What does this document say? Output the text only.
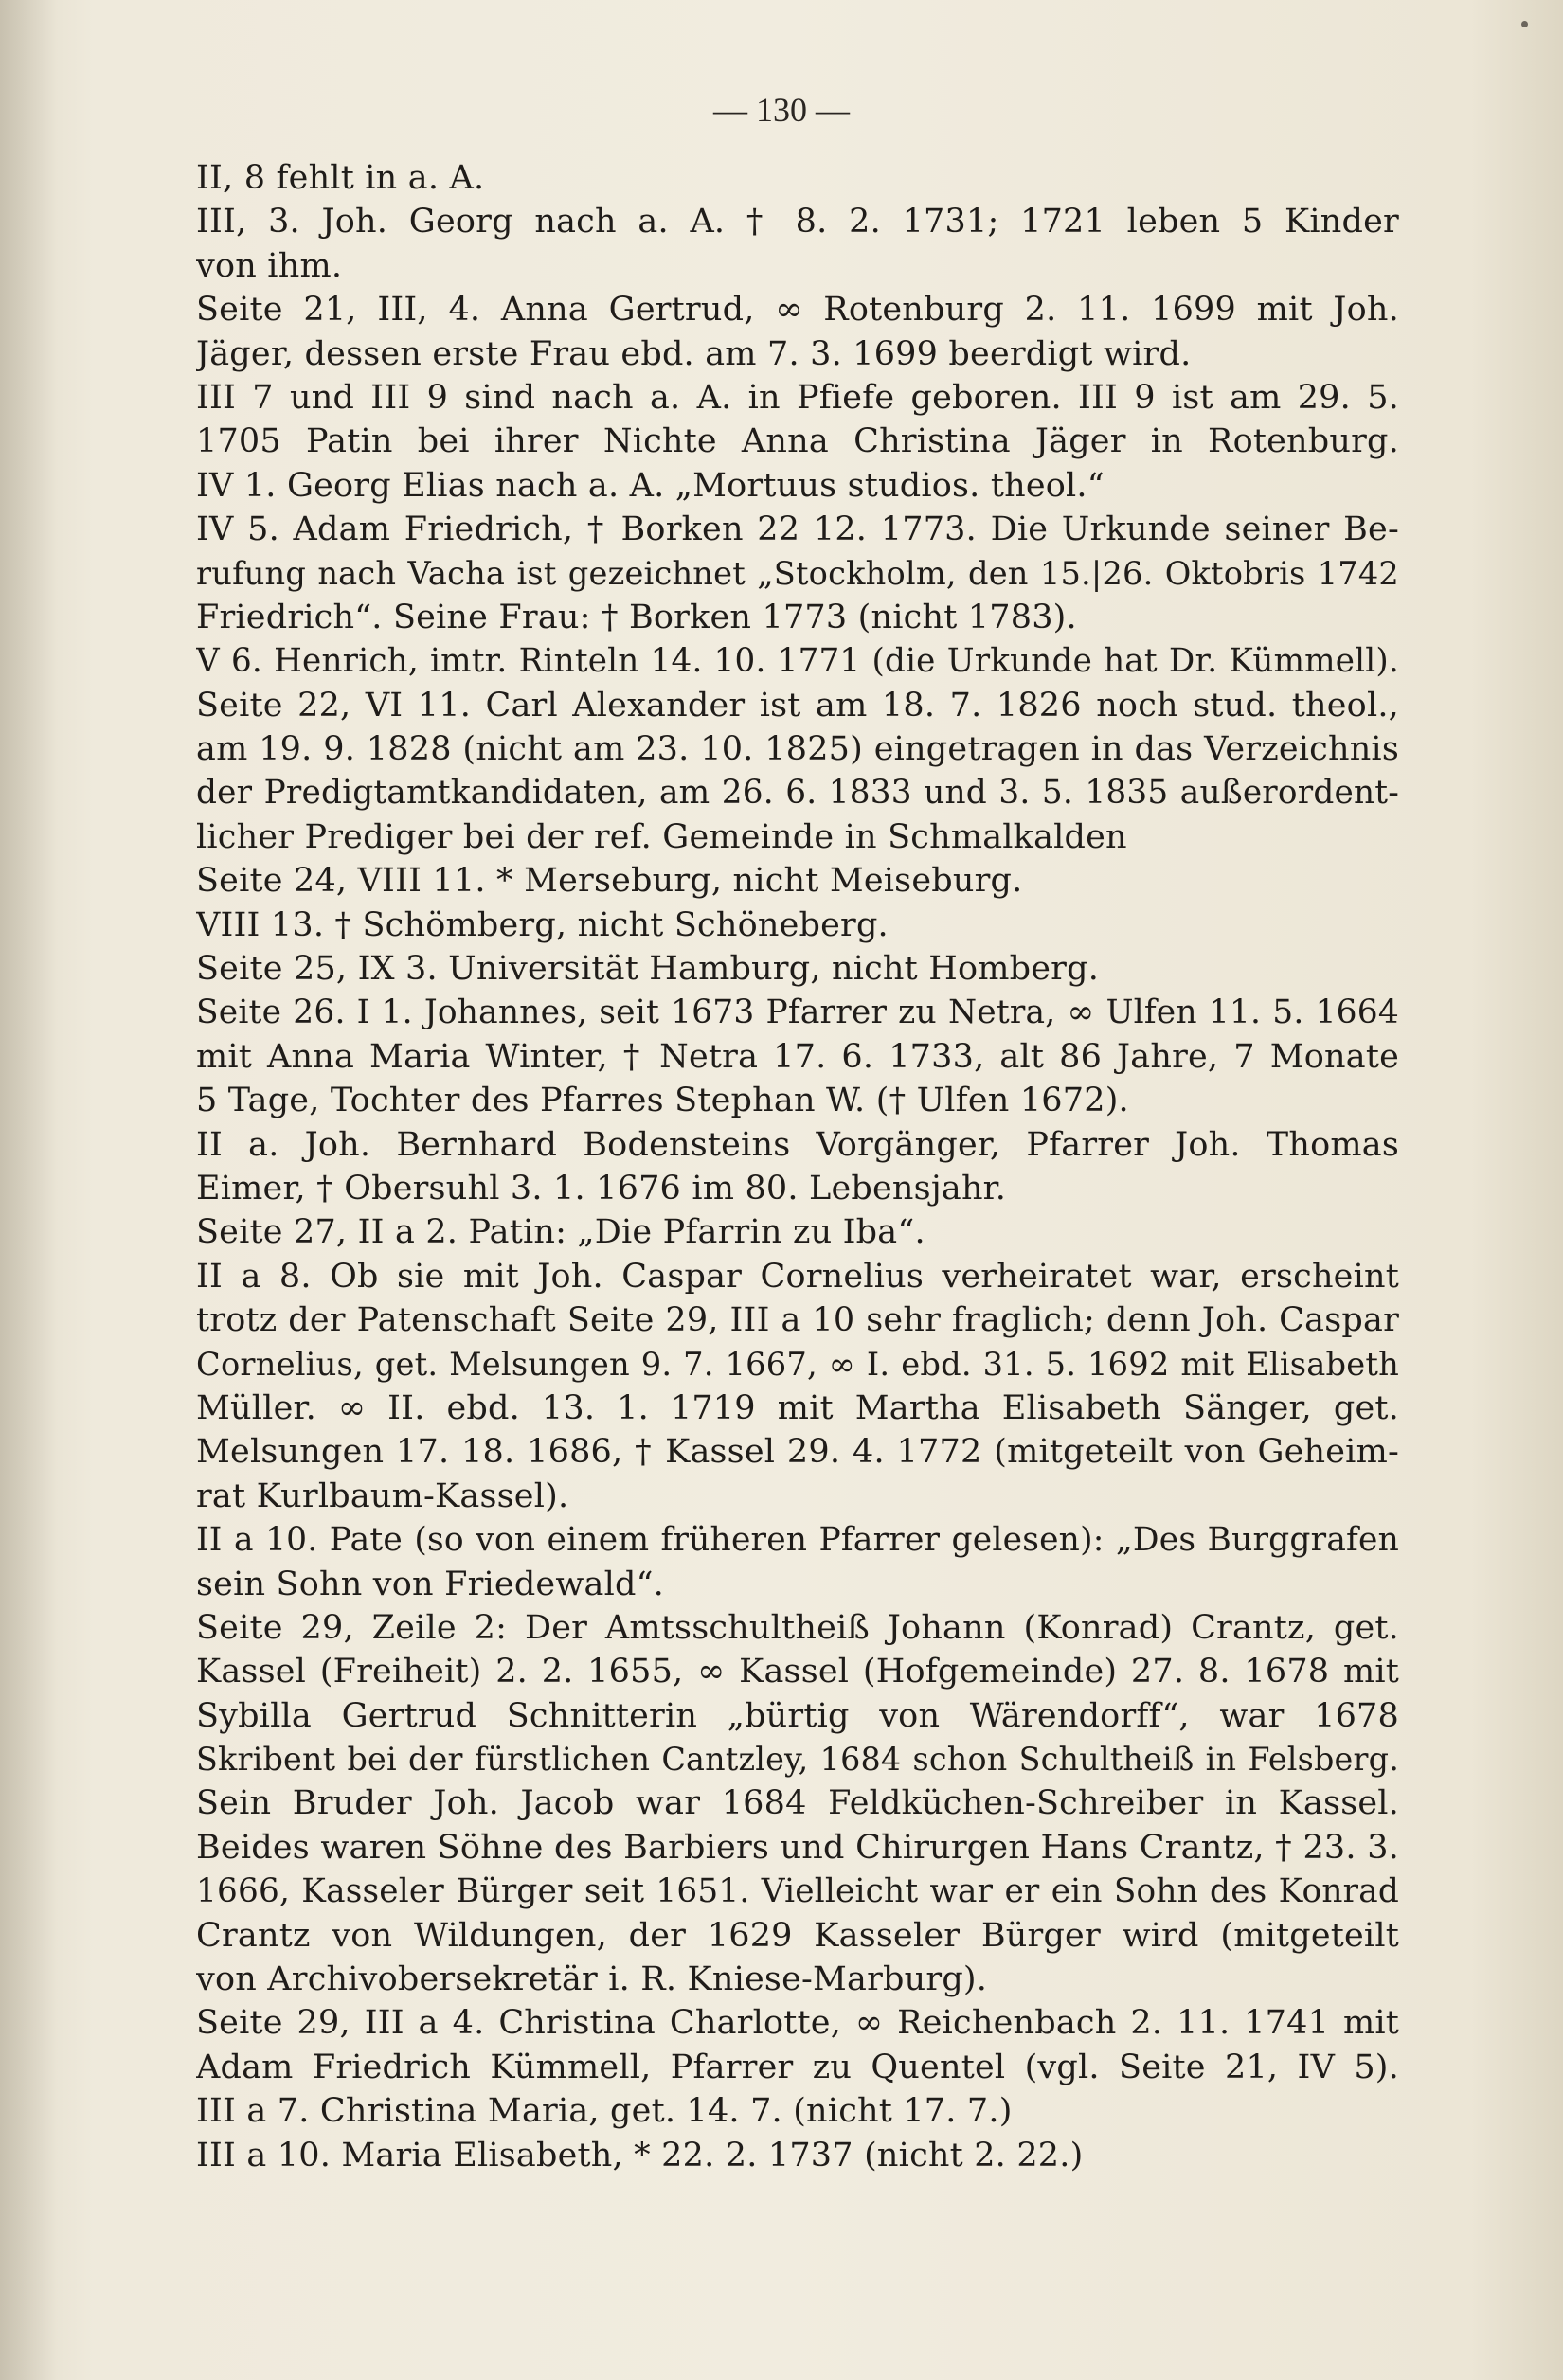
— 130 —
II, 8 fehlt in a. A.
III, 3. Joh. Georg nach a. A. † 8. 2. 1731; 1721 leben 5 Kinder
von ihm.
Seite 21, III, 4. Anna Gertrud, ∞ Rotenburg 2. 11. 1699 mit Joh.
Jäger, dessen erste Frau ebd. am 7. 3. 1699 beerdigt wird.
III 7 und III 9 sind nach a. A. in Pfiefe geboren. III 9 ist am 29. 5.
1705 Patin bei ihrer Nichte Anna Christina Jäger in Rotenburg.
IV 1. Georg Elias nach a. A. „Mortuus studios. theol.“
IV 5. Adam Friedrich, † Borken 22 12. 1773. Die Urkunde seiner Be-
rufung nach Vacha ist gezeichnet „Stockholm, den 15.|26. Oktobris 1742
Friedrich“. Seine Frau: † Borken 1773 (nicht 1783).
V 6. Henrich, imtr. Rinteln 14. 10. 1771 (die Urkunde hat Dr. Kümmell).
Seite 22, VI 11. Carl Alexander ist am 18. 7. 1826 noch stud. theol.,
am 19. 9. 1828 (nicht am 23. 10. 1825) eingetragen in das Verzeichnis
der Predigtamtkandidaten, am 26. 6. 1833 und 3. 5. 1835 außerordent-
licher Prediger bei der ref. Gemeinde in Schmalkalden
Seite 24, VIII 11. * Merseburg, nicht Meiseburg.
VIII 13. † Schömberg, nicht Schöneberg.
Seite 25, IX 3. Universität Hamburg, nicht Homberg.
Seite 26. I 1. Johannes, seit 1673 Pfarrer zu Netra, ∞ Ulfen 11. 5. 1664
mit Anna Maria Winter, † Netra 17. 6. 1733, alt 86 Jahre, 7 Monate
5 Tage, Tochter des Pfarres Stephan W. († Ulfen 1672).
II a. Joh. Bernhard Bodensteins Vorgänger, Pfarrer Joh. Thomas
Eimer, † Obersuhl 3. 1. 1676 im 80. Lebensjahr.
Seite 27, II a 2. Patin: „Die Pfarrin zu Iba“.
II a 8. Ob sie mit Joh. Caspar Cornelius verheiratet war, erscheint
trotz der Patenschaft Seite 29, III a 10 sehr fraglich; denn Joh. Caspar
Cornelius, get. Melsungen 9. 7. 1667, ∞ I. ebd. 31. 5. 1692 mit Elisabeth
Müller. ∞ II. ebd. 13. 1. 1719 mit Martha Elisabeth Sänger, get.
Melsungen 17. 18. 1686, † Kassel 29. 4. 1772 (mitgeteilt von Geheim-
rat Kurlbaum-Kassel).
II a 10. Pate (so von einem früheren Pfarrer gelesen): „Des Burggrafen
sein Sohn von Friedewald“.
Seite 29, Zeile 2: Der Amtsschultheiß Johann (Konrad) Crantz, get.
Kassel (Freiheit) 2. 2. 1655, ∞ Kassel (Hofgemeinde) 27. 8. 1678 mit
Sybilla Gertrud Schnitterin „bürtig von Wärendorff“, war 1678
Skribent bei der fürstlichen Cantzley, 1684 schon Schultheiß in Felsberg.
Sein Bruder Joh. Jacob war 1684 Feldküchen-Schreiber in Kassel.
Beides waren Söhne des Barbiers und Chirurgen Hans Crantz, † 23. 3.
1666, Kasseler Bürger seit 1651. Vielleicht war er ein Sohn des Konrad
Crantz von Wildungen, der 1629 Kasseler Bürger wird (mitgeteilt
von Archivobersekretär i. R. Kniese-Marburg).
Seite 29, III a 4. Christina Charlotte, ∞ Reichenbach 2. 11. 1741 mit
Adam Friedrich Kümmell, Pfarrer zu Quentel (vgl. Seite 21, IV 5).
III a 7. Christina Maria, get. 14. 7. (nicht 17. 7.)
III a 10. Maria Elisabeth, * 22. 2. 1737 (nicht 2. 22.)
